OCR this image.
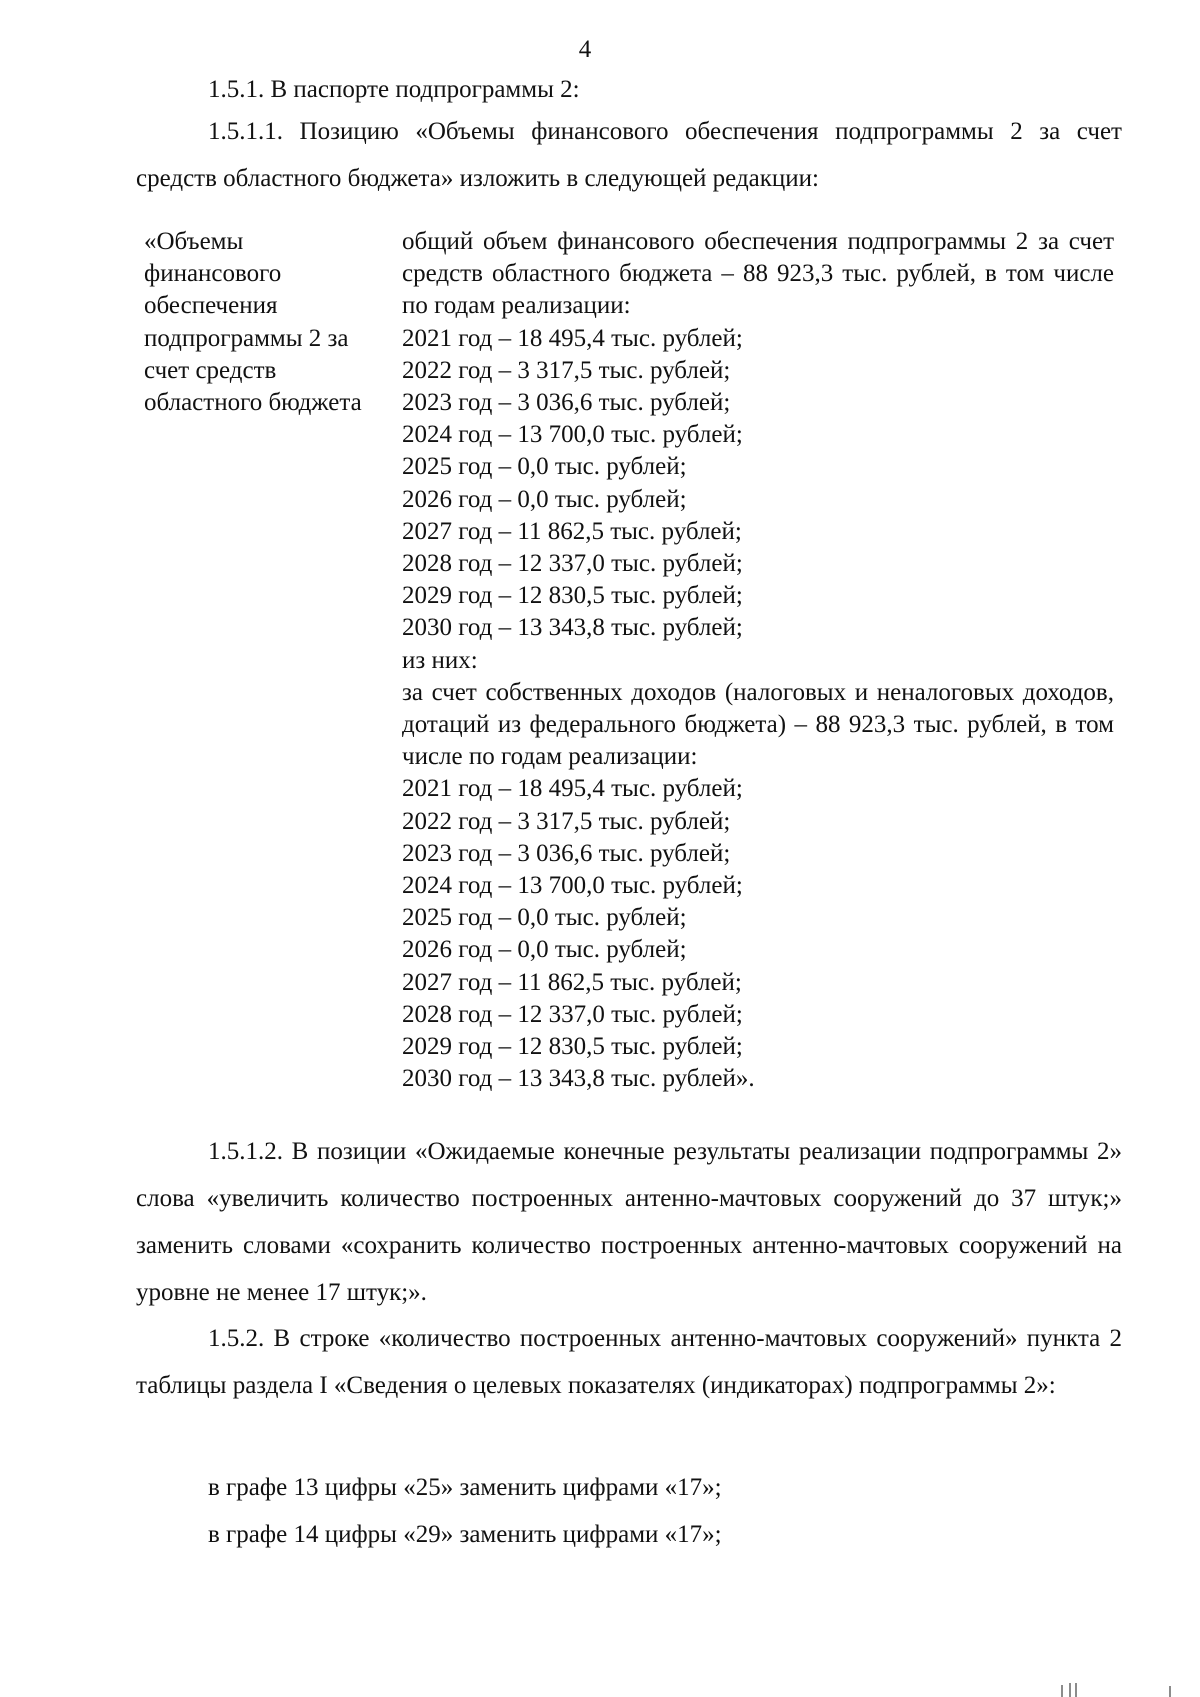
4

1.5.1. В паспорте подпрограммы 2:

1.5.1.1. Позицию «Объемы финансового обеспечения подпрограммы 2 за счет средств областного бюджета» изложить в следующей редакции:

«Объемы финансового обеспечения подпрограммы 2 за счет средств областного бюджета
общий объем финансового обеспечения подпрограммы 2 за счет средств областного бюджета – 88 923,3 тыс. рублей, в том числе по годам реализации:
2021 год – 18 495,4 тыс. рублей;
2022 год – 3 317,5 тыс. рублей;
2023 год – 3 036,6 тыс. рублей;
2024 год – 13 700,0 тыс. рублей;
2025 год – 0,0 тыс. рублей;
2026 год – 0,0 тыс. рублей;
2027 год – 11 862,5 тыс. рублей;
2028 год – 12 337,0 тыс. рублей;
2029 год – 12 830,5 тыс. рублей;
2030 год – 13 343,8 тыс. рублей;
из них:
за счет собственных доходов (налоговых и неналоговых доходов, дотаций из федерального бюджета) – 88 923,3 тыс. рублей, в том числе по годам реализации:
2021 год – 18 495,4 тыс. рублей;
2022 год – 3 317,5 тыс. рублей;
2023 год – 3 036,6 тыс. рублей;
2024 год – 13 700,0 тыс. рублей;
2025 год – 0,0 тыс. рублей;
2026 год – 0,0 тыс. рублей;
2027 год – 11 862,5 тыс. рублей;
2028 год – 12 337,0 тыс. рублей;
2029 год – 12 830,5 тыс. рублей;
2030 год – 13 343,8 тыс. рублей».

1.5.1.2. В позиции «Ожидаемые конечные результаты реализации подпрограммы 2» слова «увеличить количество построенных антенно-мачтовых сооружений до 37 штук;» заменить словами «сохранить количество построенных антенно-мачтовых сооружений на уровне не менее 17 штук;».

1.5.2. В строке «количество построенных антенно-мачтовых сооружений» пункта 2 таблицы раздела I «Сведения о целевых показателях (индикаторах) подпрограммы 2»:

в графе 13 цифры «25» заменить цифрами «17»;

в графе 14 цифры «29» заменить цифрами «17»;
